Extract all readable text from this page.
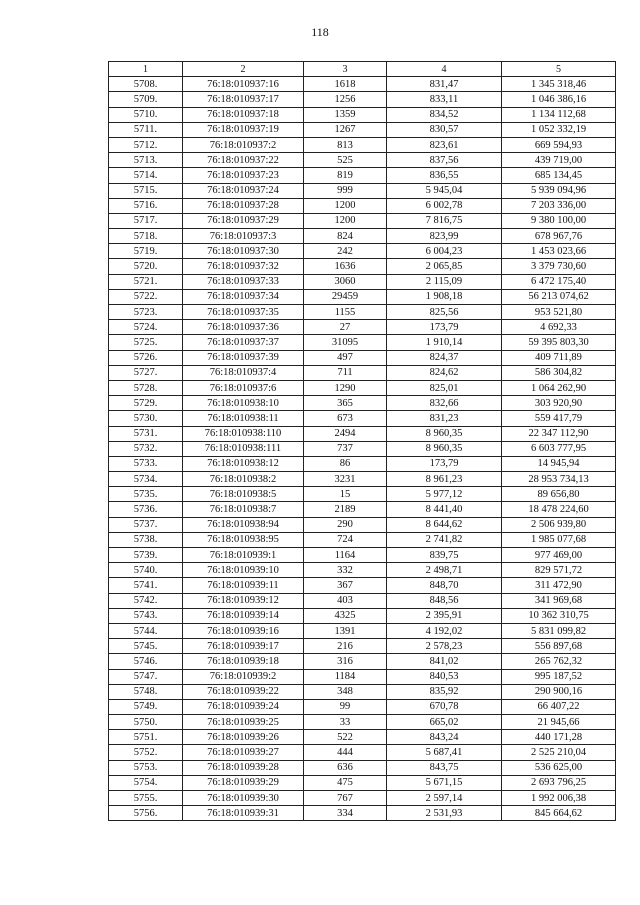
118
1	2	3	4	5
5708.	76:18:010937:16	1618	831,47	1 345 318,46
5709.	76:18:010937:17	1256	833,11	1 046 386,16
5710.	76:18:010937:18	1359	834,52	1 134 112,68
5711.	76:18:010937:19	1267	830,57	1 052 332,19
5712.	76:18:010937:2	813	823,61	669 594,93
5713.	76:18:010937:22	525	837,56	439 719,00
5714.	76:18:010937:23	819	836,55	685 134,45
5715.	76:18:010937:24	999	5 945,04	5 939 094,96
5716.	76:18:010937:28	1200	6 002,78	7 203 336,00
5717.	76:18:010937:29	1200	7 816,75	9 380 100,00
5718.	76:18:010937:3	824	823,99	678 967,76
5719.	76:18:010937:30	242	6 004,23	1 453 023,66
5720.	76:18:010937:32	1636	2 065,85	3 379 730,60
5721.	76:18:010937:33	3060	2 115,09	6 472 175,40
5722.	76:18:010937:34	29459	1 908,18	56 213 074,62
5723.	76:18:010937:35	1155	825,56	953 521,80
5724.	76:18:010937:36	27	173,79	4 692,33
5725.	76:18:010937:37	31095	1 910,14	59 395 803,30
5726.	76:18:010937:39	497	824,37	409 711,89
5727.	76:18:010937:4	711	824,62	586 304,82
5728.	76:18:010937:6	1290	825,01	1 064 262,90
5729.	76:18:010938:10	365	832,66	303 920,90
5730.	76:18:010938:11	673	831,23	559 417,79
5731.	76:18:010938:110	2494	8 960,35	22 347 112,90
5732.	76:18:010938:111	737	8 960,35	6 603 777,95
5733.	76:18:010938:12	86	173,79	14 945,94
5734.	76:18:010938:2	3231	8 961,23	28 953 734,13
5735.	76:18:010938:5	15	5 977,12	89 656,80
5736.	76:18:010938:7	2189	8 441,40	18 478 224,60
5737.	76:18:010938:94	290	8 644,62	2 506 939,80
5738.	76:18:010938:95	724	2 741,82	1 985 077,68
5739.	76:18:010939:1	1164	839,75	977 469,00
5740.	76:18:010939:10	332	2 498,71	829 571,72
5741.	76:18:010939:11	367	848,70	311 472,90
5742.	76:18:010939:12	403	848,56	341 969,68
5743.	76:18:010939:14	4325	2 395,91	10 362 310,75
5744.	76:18:010939:16	1391	4 192,02	5 831 099,82
5745.	76:18:010939:17	216	2 578,23	556 897,68
5746.	76:18:010939:18	316	841,02	265 762,32
5747.	76:18:010939:2	1184	840,53	995 187,52
5748.	76:18:010939:22	348	835,92	290 900,16
5749.	76:18:010939:24	99	670,78	66 407,22
5750.	76:18:010939:25	33	665,02	21 945,66
5751.	76:18:010939:26	522	843,24	440 171,28
5752.	76:18:010939:27	444	5 687,41	2 525 210,04
5753.	76:18:010939:28	636	843,75	536 625,00
5754.	76:18:010939:29	475	5 671,15	2 693 796,25
5755.	76:18:010939:30	767	2 597,14	1 992 006,38
5756.	76:18:010939:31	334	2 531,93	845 664,62
